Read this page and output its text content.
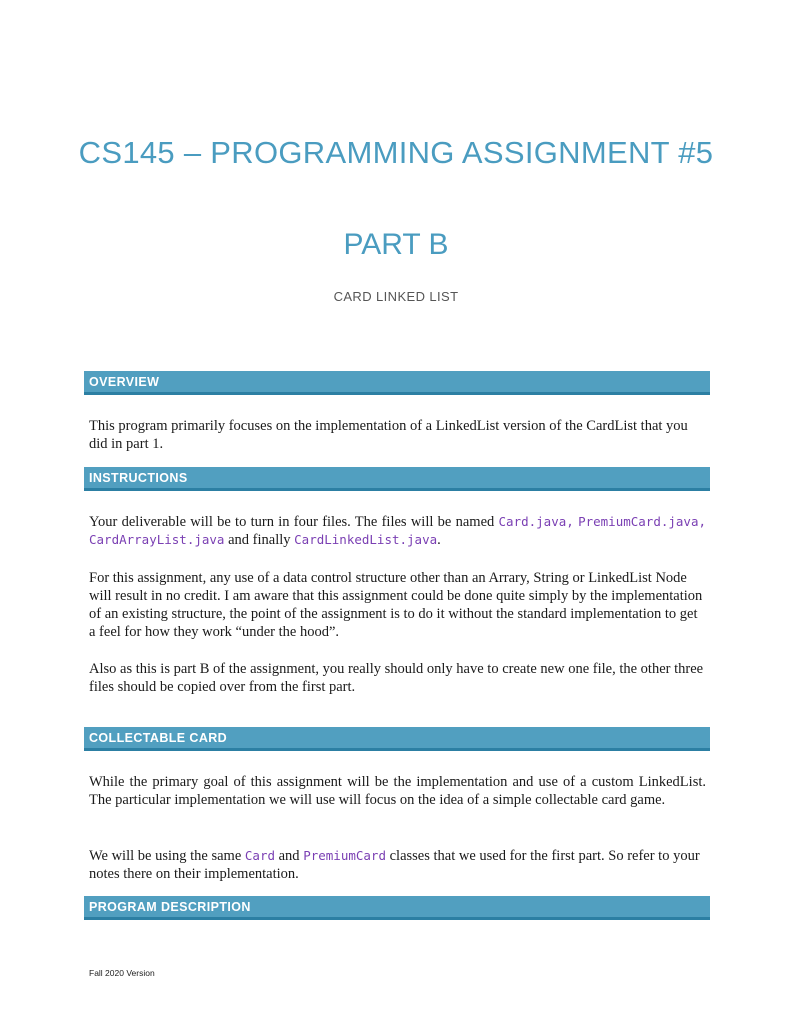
CS145 – PROGRAMMING ASSIGNMENT #5
PART B
CARD LINKED LIST
OVERVIEW

This program primarily focuses on the implementation of a LinkedList version of the CardList that you did in part 1.

INSTRUCTIONS

Your deliverable will be to turn in four files. The files will be named Card.java, PremiumCard.java, CardArrayList.java and finally CardLinkedList.java.

For this assignment, any use of a data control structure other than an Arrary, String or LinkedList Node will result in no credit. I am aware that this assignment could be done quite simply by the implementation of an existing structure, the point of the assignment is to do it without the standard implementation to get a feel for how they work “under the hood”.

Also as this is part B of the assignment, you really should only have to create new one file, the other three files should be copied over from the first part.

COLLECTABLE CARD

While the primary goal of this assignment will be the implementation and use of a custom LinkedList. The particular implementation we will use will focus on the idea of a simple collectable card game.

We will be using the same Card and PremiumCard classes that we used for the first part. So refer to your notes there on their implementation.

PROGRAM DESCRIPTION
Fall 2020 Version
